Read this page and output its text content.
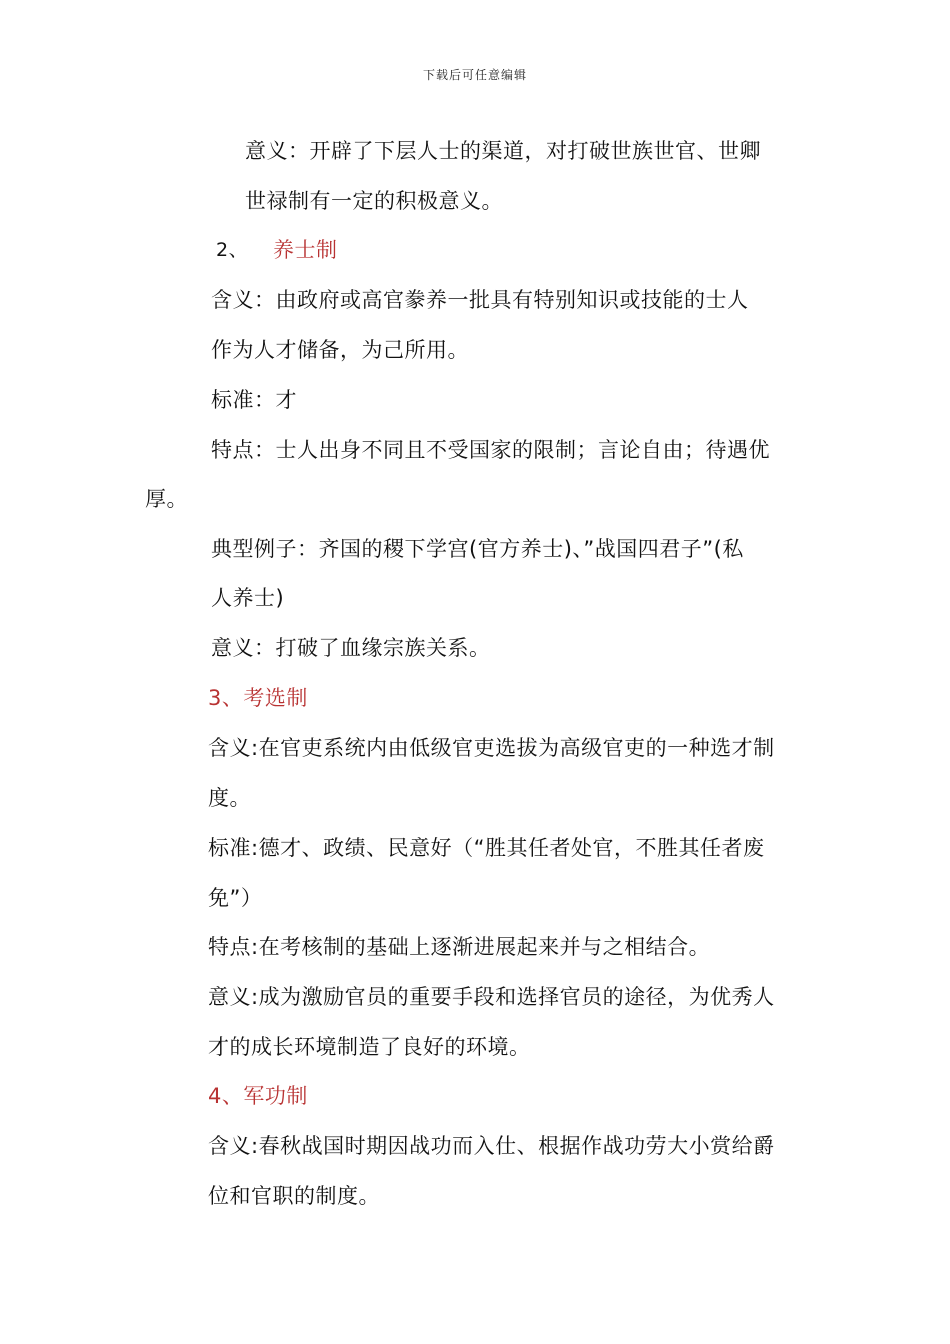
下载后可任意编辑
意义：开辟了下层人士的渠道，对打破世族世官、世卿
世禄制有一定的积极意义。
2、 养士制
含义：由政府或高官豢养一批具有特别知识或技能的士人
作为人才储备，为己所用。
标准：才
特点：士人出身不同且不受国家的限制；言论自由；待遇优
厚。
典型例子：齐国的稷下学宫(官方养士)、”战国四君子”(私
人养士)
意义：打破了血缘宗族关系。
3、考选制
含义:在官吏系统内由低级官吏选拔为高级官吏的一种选才制
度。
标准:德才、政绩、民意好（“胜其任者处官，不胜其任者废
免”）
特点:在考核制的基础上逐渐进展起来并与之相结合。
意义:成为激励官员的重要手段和选择官员的途径，为优秀人
才的成长环境制造了良好的环境。
4、军功制
含义:春秋战国时期因战功而入仕、根据作战功劳大小赏给爵
位和官职的制度。
